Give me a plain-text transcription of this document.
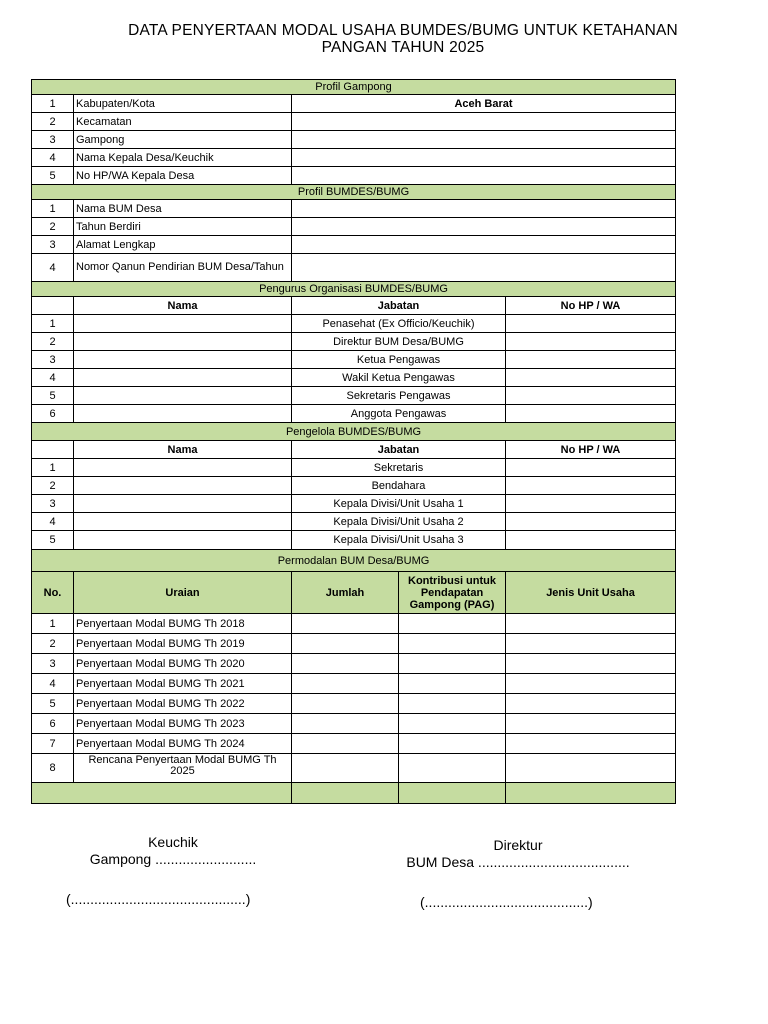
DATA PENYERTAAN MODAL USAHA BUMDES/BUMG UNTUK KETAHANAN
PANGAN TAHUN 2025
Profil Gampong				
1	Kabupaten/Kota	Aceh Barat		
2	Kecamatan			
3	Gampong			
4	Nama Kepala Desa/Keuchik			
5	No HP/WA Kepala Desa			
Profil BUMDES/BUMG				
1	Nama BUM Desa			
2	Tahun Berdiri			
3	Alamat Lengkap			
4	Nomor Qanun Pendirian BUM Desa/Tahun			
Pengurus Organisasi BUMDES/BUMG				
	Nama	Jabatan		No HP / WA
1		Penasehat (Ex Officio/Keuchik)		
2		Direktur BUM Desa/BUMG		
3		Ketua Pengawas		
4		Wakil Ketua Pengawas		
5		Sekretaris Pengawas		
6		Anggota Pengawas		
Pengelola BUMDES/BUMG				
	Nama	Jabatan		No HP / WA
1		Sekretaris		
2		Bendahara		
3		Kepala Divisi/Unit Usaha 1		
4		Kepala Divisi/Unit Usaha 2		
5		Kepala Divisi/Unit Usaha 3		
Permodalan BUM Desa/BUMG				
No.	Uraian	Jumlah	Kontribusi untuk Pendapatan Gampong (PAG)	Jenis Unit Usaha
1	Penyertaan Modal BUMG Th 2018			
2	Penyertaan Modal BUMG Th 2019			
3	Penyertaan Modal BUMG Th 2020			
4	Penyertaan Modal BUMG Th 2021			
5	Penyertaan Modal BUMG Th 2022			
6	Penyertaan Modal BUMG Th 2023			
7	Penyertaan Modal BUMG Th 2024			
8	Rencana Penyertaan Modal BUMG Th 2025			

Keuchik
Gampong ..........................
(.............................................)
Direktur
BUM Desa .......................................
(..........................................)
